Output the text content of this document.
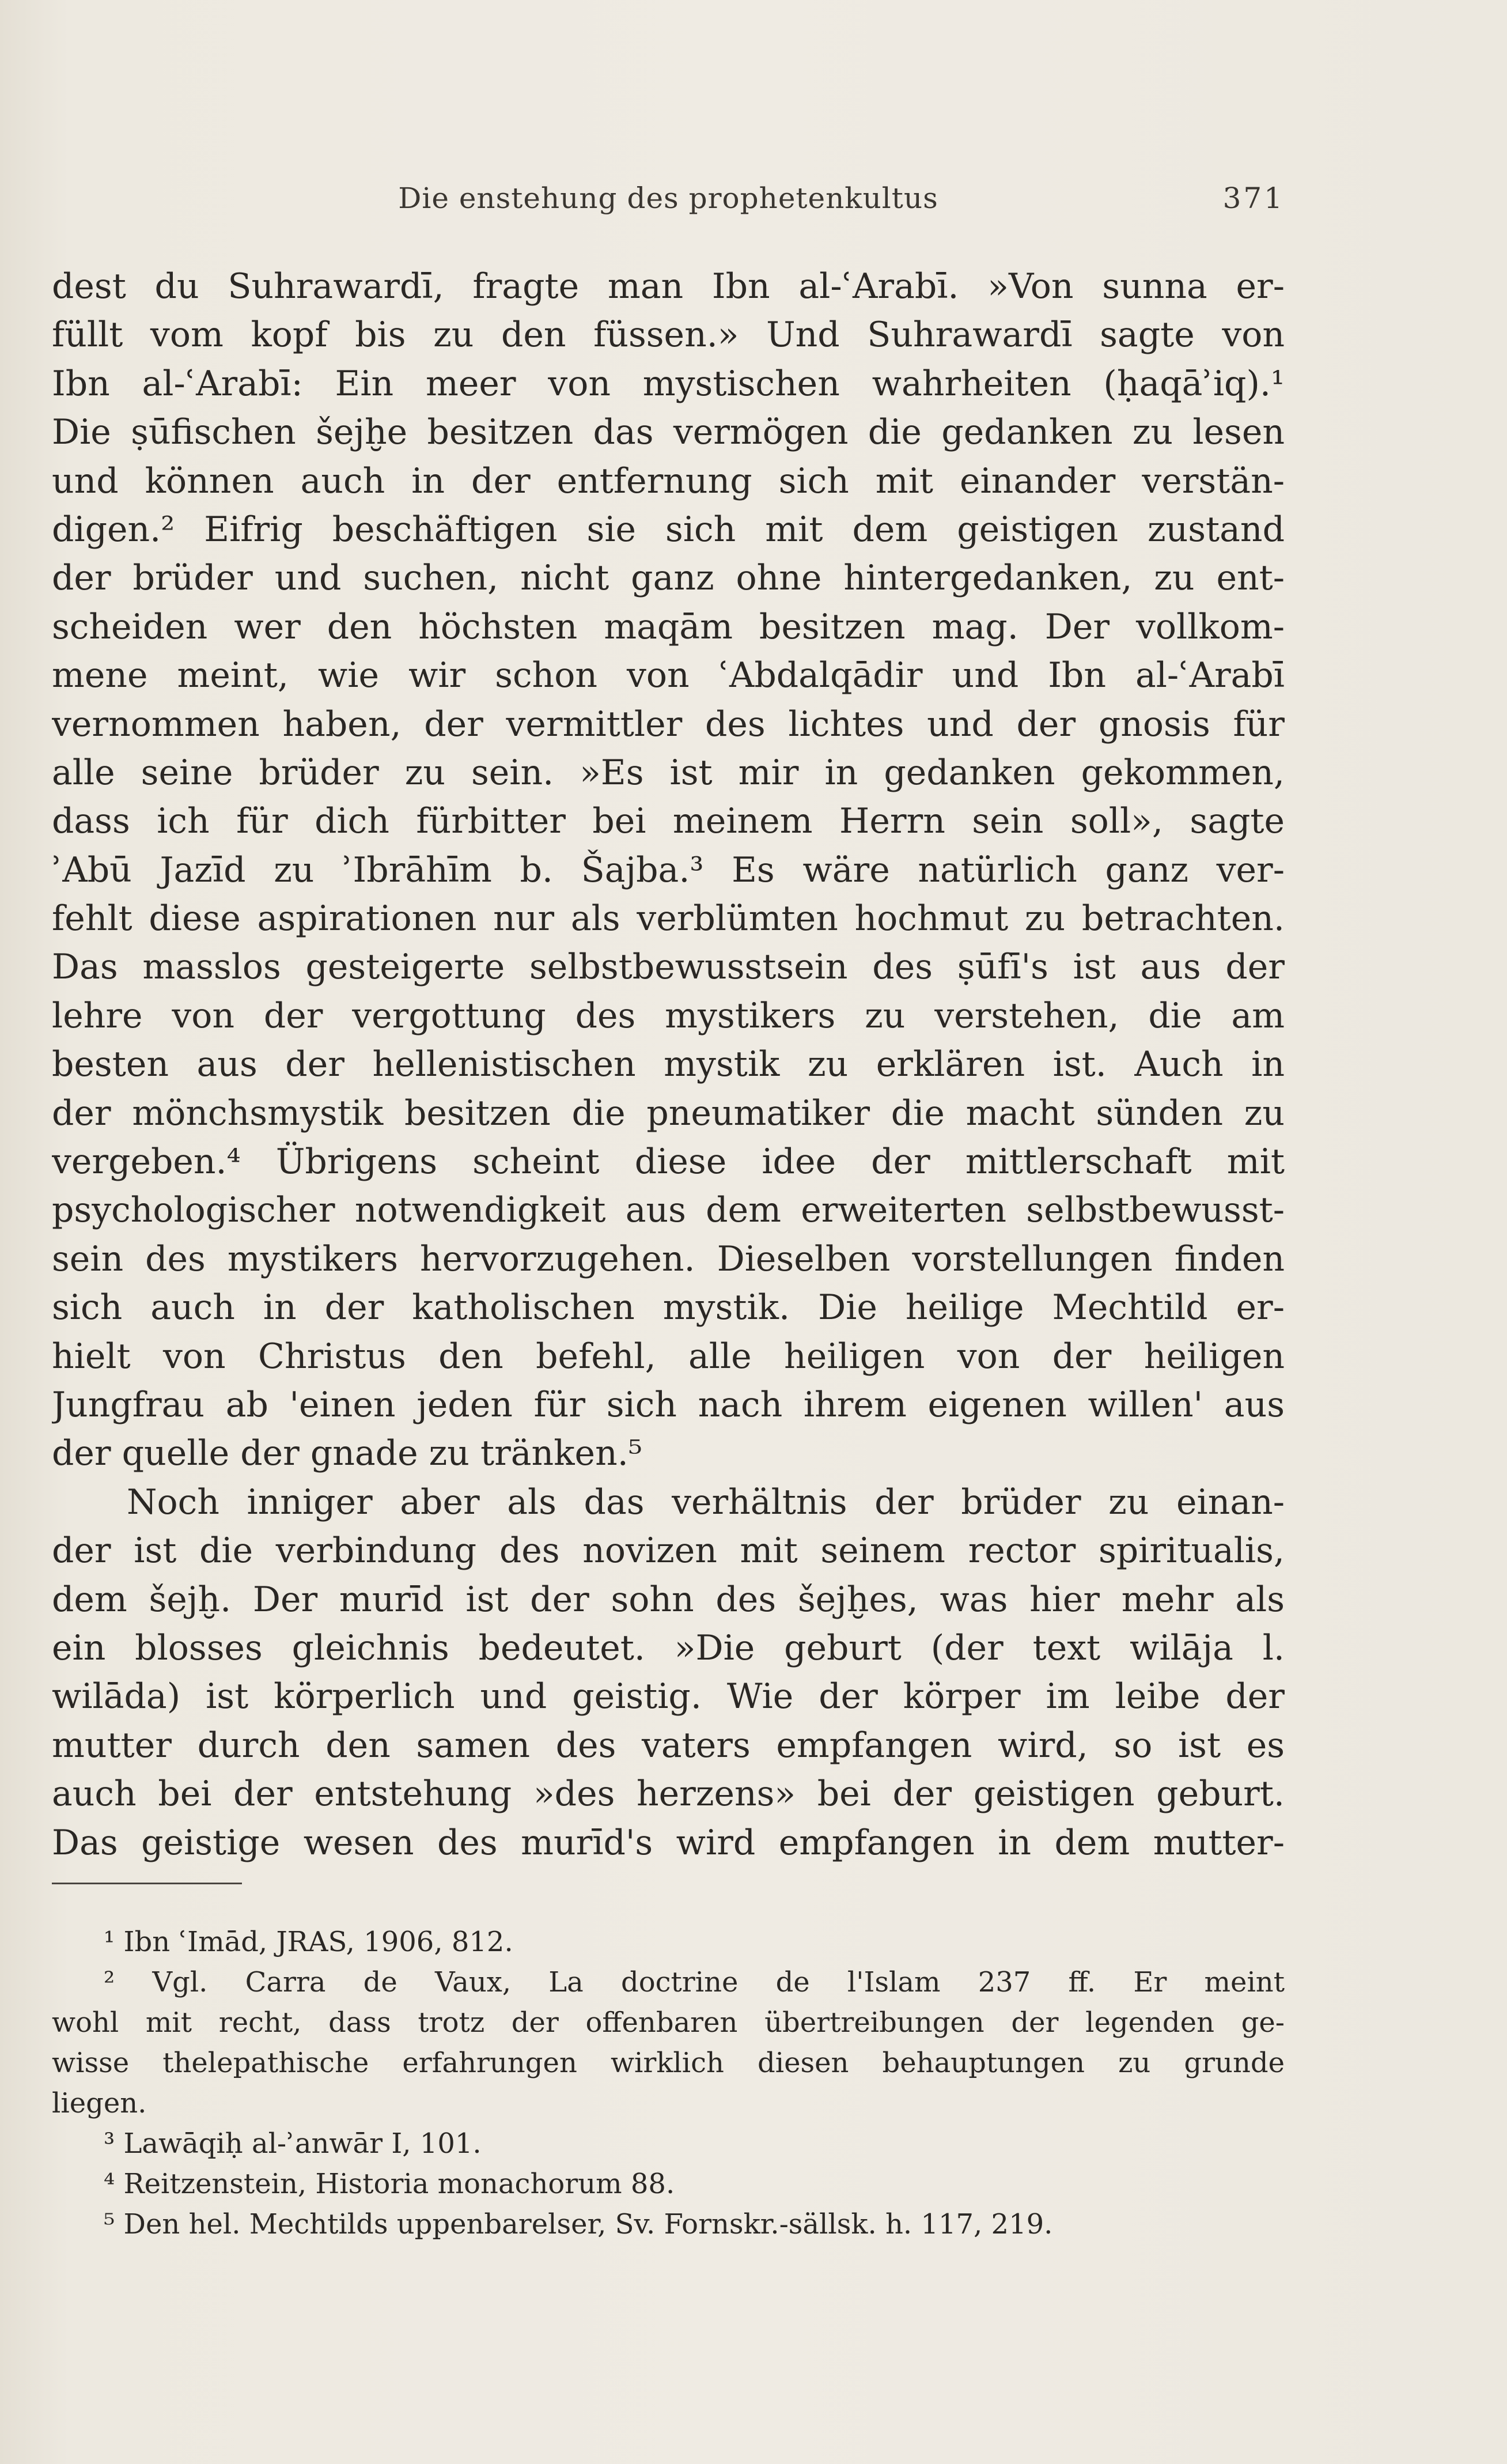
Die enstehung des prophetenkultus	371
dest du Suhrawardī, fragte man Ibn al-ʿArabī. »Von sunna er-
füllt vom kopf bis zu den füssen.» Und Suhrawardī sagte von
Ibn al-ʿArabī: Ein meer von mystischen wahrheiten (ḥaqāʾiq).¹
Die ṣūfischen šejḫe besitzen das vermögen die gedanken zu lesen
und können auch in der entfernung sich mit einander verstän-
digen.² Eifrig beschäftigen sie sich mit dem geistigen zustand
der brüder und suchen, nicht ganz ohne hintergedanken, zu ent-
scheiden wer den höchsten maqām besitzen mag. Der vollkom-
mene meint, wie wir schon von ʿAbdalqādir und Ibn al-ʿArabī
vernommen haben, der vermittler des lichtes und der gnosis für
alle seine brüder zu sein. »Es ist mir in gedanken gekommen,
dass ich für dich fürbitter bei meinem Herrn sein soll», sagte
ʾAbū Jazīd zu ʾIbrāhīm b. Šajba.³ Es wäre natürlich ganz ver-
fehlt diese aspirationen nur als verblümten hochmut zu betrachten.
Das masslos gesteigerte selbstbewusstsein des ṣūfī's ist aus der
lehre von der vergottung des mystikers zu verstehen, die am
besten aus der hellenistischen mystik zu erklären ist. Auch in
der mönchsmystik besitzen die pneumatiker die macht sünden zu
vergeben.⁴ Übrigens scheint diese idee der mittlerschaft mit
psychologischer notwendigkeit aus dem erweiterten selbstbewusst-
sein des mystikers hervorzugehen. Dieselben vorstellungen finden
sich auch in der katholischen mystik. Die heilige Mechtild er-
hielt von Christus den befehl, alle heiligen von der heiligen
Jungfrau ab 'einen jeden für sich nach ihrem eigenen willen' aus
der quelle der gnade zu tränken.⁵
Noch inniger aber als das verhältnis der brüder zu einan-
der ist die verbindung des novizen mit seinem rector spiritualis,
dem šejḫ. Der murīd ist der sohn des šejḫes, was hier mehr als
ein blosses gleichnis bedeutet. »Die geburt (der text wilāja l.
wilāda) ist körperlich und geistig. Wie der körper im leibe der
mutter durch den samen des vaters empfangen wird, so ist es
auch bei der entstehung »des herzens» bei der geistigen geburt.
Das geistige wesen des murīd's wird empfangen in dem mutter-
¹ Ibn ʿImād, JRAS, 1906, 812.
² Vgl. Carra de Vaux, La doctrine de l'Islam 237 ff. Er meint
wohl mit recht, dass trotz der offenbaren übertreibungen der legenden ge-
wisse thelepathische erfahrungen wirklich diesen behauptungen zu grunde
liegen.
³ Lawāqiḥ al-ʾanwār I, 101.
⁴ Reitzenstein, Historia monachorum 88.
⁵ Den hel. Mechtilds uppenbarelser, Sv. Fornskr.-sällsk. h. 117, 219.
